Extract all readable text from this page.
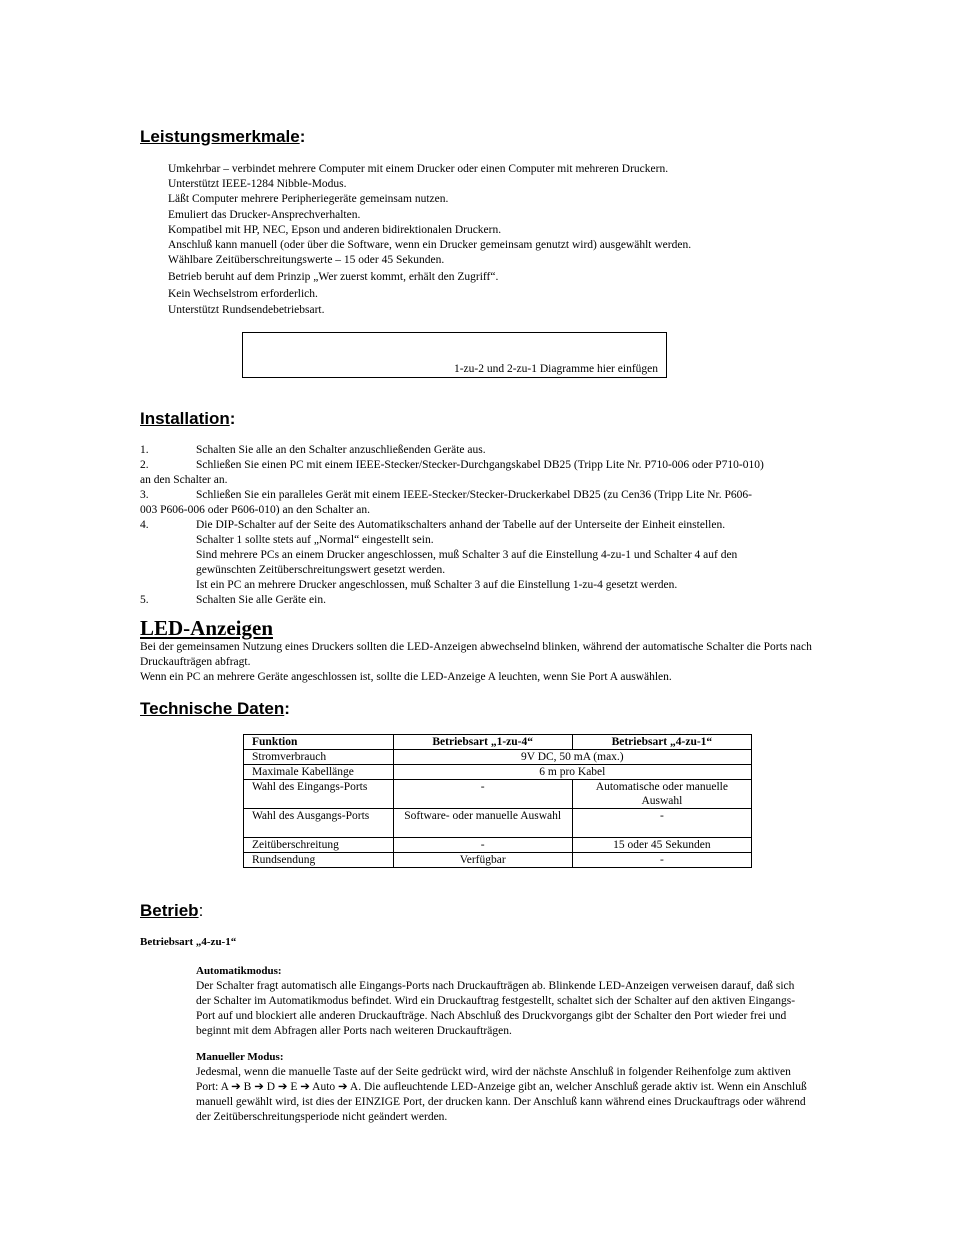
Leistungsmerkmale:
Umkehrbar – verbindet mehrere Computer mit einem Drucker oder einen Computer mit mehreren Druckern.
Unterstützt IEEE-1284 Nibble-Modus.
Läßt Computer mehrere Peripheriegeräte gemeinsam nutzen.
Emuliert das Drucker-Ansprechverhalten.
Kompatibel mit HP, NEC, Epson und anderen bidirektionalen Druckern.
Anschluß kann manuell (oder über die Software, wenn ein Drucker gemeinsam genutzt wird) ausgewählt werden.
Wählbare Zeitüberschreitungswerte – 15 oder 45 Sekunden.
Betrieb beruht auf dem Prinzip „Wer zuerst kommt, erhält den Zugriff“.
Kein Wechselstrom erforderlich.
Unterstützt Rundsendebetriebsart.
1-zu-2 und 2-zu-1 Diagramme hier einfügen
Installation:
1.	Schalten Sie alle an den Schalter anzuschließenden Geräte aus.
2.	Schließen Sie einen PC mit einem IEEE-Stecker/Stecker-Durchgangskabel DB25 (Tripp Lite Nr. P710-006 oder P710-010)
an den Schalter an.
3.	Schließen Sie ein paralleles Gerät mit einem IEEE-Stecker/Stecker-Druckerkabel DB25 (zu Cen36 (Tripp Lite Nr. P606-
003 P606-006 oder P606-010) an den Schalter an.
4.	Die DIP-Schalter auf der Seite des Automatikschalters anhand der Tabelle auf der Unterseite der Einheit einstellen.
Schalter 1 sollte stets auf „Normal“ eingestellt sein.
Sind mehrere PCs an einem Drucker angeschlossen, muß Schalter 3 auf die Einstellung 4-zu-1 und Schalter 4 auf den gewünschten Zeitüberschreitungswert gesetzt werden.
Ist ein PC an mehrere Drucker angeschlossen, muß Schalter 3 auf die Einstellung 1-zu-4 gesetzt werden.
5.	Schalten Sie alle Geräte ein.
LED-Anzeigen
Bei der gemeinsamen Nutzung eines Druckers sollten die LED-Anzeigen abwechselnd blinken, während der automatische Schalter die Ports nach Druckaufträgen abfragt.
Wenn ein PC an mehrere Geräte angeschlossen ist, sollte die LED-Anzeige A leuchten, wenn Sie Port A auswählen.
Technische Daten:
Funktion	Betriebsart „1-zu-4“	Betriebsart „4-zu-1“
Stromverbrauch	9V DC, 50 mA (max.)	
Maximale Kabellänge	6 m pro Kabel	
Wahl des Eingangs-Ports	-	Automatische oder manuelle Auswahl
Wahl des Ausgangs-Ports	Software- oder manuelle Auswahl	-
Zeitüberschreitung	-	15 oder 45 Sekunden
Rundsendung	Verfügbar	-
Betrieb:
Betriebsart „4-zu-1“
Automatikmodus:
Der Schalter fragt automatisch alle Eingangs-Ports nach Druckaufträgen ab. Blinkende LED-Anzeigen verweisen darauf, daß sich der Schalter im Automatikmodus befindet. Wird ein Druckauftrag festgestellt, schaltet sich der Schalter auf den aktiven Eingangs-Port auf und blockiert alle anderen Druckaufträge. Nach Abschluß des Druckvorgangs gibt der Schalter den Port wieder frei und beginnt mit dem Abfragen aller Ports nach weiteren Druckaufträgen.
Manueller Modus:
Jedesmal, wenn die manuelle Taste auf der Seite gedrückt wird, wird der nächste Anschluß in folgender Reihenfolge zum aktiven Port: A ➔ B ➔ D ➔ E ➔ Auto ➔ A. Die aufleuchtende LED-Anzeige gibt an, welcher Anschluß gerade aktiv ist. Wenn ein Anschluß manuell gewählt wird, ist dies der EINZIGE Port, der drucken kann. Der Anschluß kann während eines Druckauftrags oder während der Zeitüberschreitungsperiode nicht geändert werden.
